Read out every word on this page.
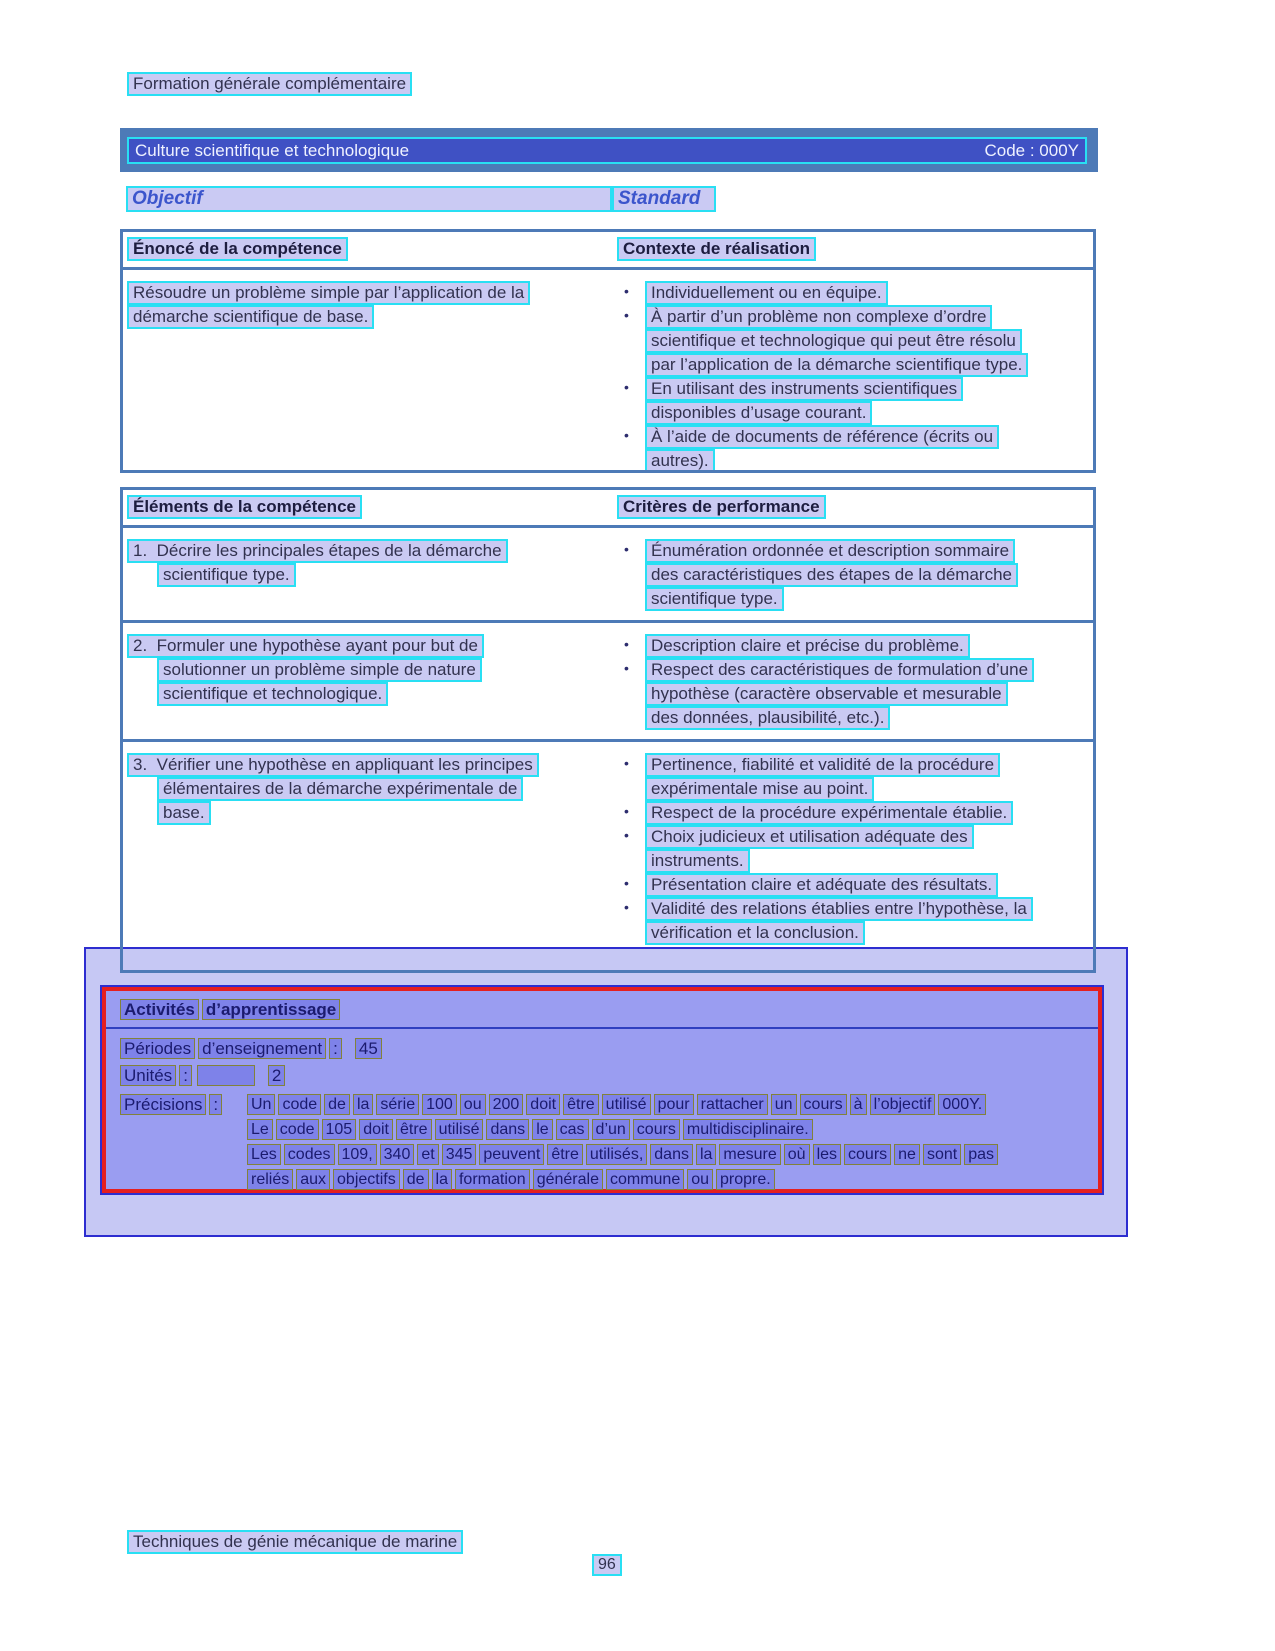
Formation générale complémentaire
Culture scientifique et technologique	Code : 000Y
Objectif	Standard
Énoncé de la compétence	Contexte de réalisation
Résoudre un problème simple par l’application de la
démarche scientifique de base.
•	Individuellement ou en équipe.
•	À partir d’un problème non complexe d’ordre
scientifique et technologique qui peut être résolu
par l’application de la démarche scientifique type.
•	En utilisant des instruments scientifiques
disponibles d’usage courant.
•	À l’aide de documents de référence (écrits ou
autres).
Éléments de la compétence	Critères de performance
1.  Décrire les principales étapes de la démarche
scientifique type.
•	Énumération ordonnée et description sommaire
des caractéristiques des étapes de la démarche
scientifique type.
2.  Formuler une hypothèse ayant pour but de
solutionner un problème simple de nature
scientifique et technologique.
•	Description claire et précise du problème.
•	Respect des caractéristiques de formulation d’une
hypothèse (caractère observable et mesurable
des données, plausibilité, etc.).
3.  Vérifier une hypothèse en appliquant les principes
élémentaires de la démarche expérimentale de
base.
•	Pertinence, fiabilité et validité de la procédure
expérimentale mise au point.
•	Respect de la procédure expérimentale établie.
•	Choix judicieux et utilisation adéquate des
instruments.
•	Présentation claire et adéquate des résultats.
•	Validité des relations établies entre l’hypothèse, la
vérification et la conclusion.
Activités d’apprentissage
Périodes d’enseignement : 45
Unités :	2
Précisions :	Un code de la série 100 ou 200 doit être utilisé pour rattacher un cours à l’objectif 000Y.
Le code 105 doit être utilisé dans le cas d’un cours multidisciplinaire.
Les codes 109, 340 et 345 peuvent être utilisés, dans la mesure où les cours ne sont pas
reliés aux objectifs de la formation générale commune ou propre.
Techniques de génie mécanique de marine
96
